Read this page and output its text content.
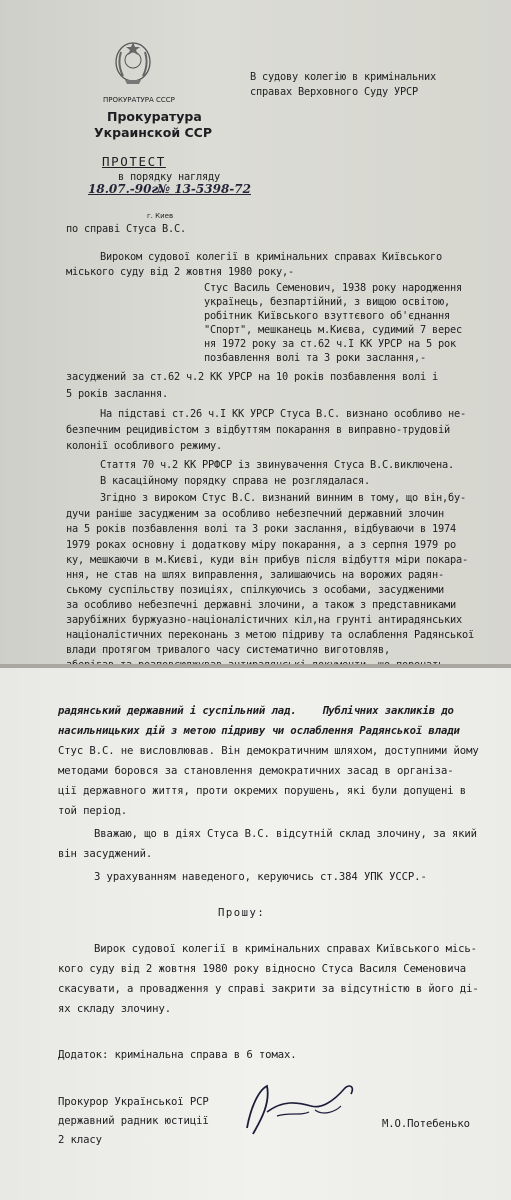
ПРОКУРАТУРА СССР
Прокуратура
Украинской ССР
ПРОТЕСТ
в порядку нагляду
18.07.-90г.
№ 13-5398-72
г. Киев
В судову колегію в кримінальних
справах Верховного Суду УРСР
по справі Стуса В.С.
Вироком судової колегії в кримінальних справах Київського
міського суду від 2 жовтня 1980 року,-
Стус Василь Семенович, 1938 року народження
українець, безпартійний, з вищою освітою,
робітник Київського взуттєвого об'єднання
"Спорт", мешканець м.Києва, судимий 7 верес
ня 1972 року за ст.62 ч.І КК УРСР на 5 рок
позбавлення волі та 3 роки заслання,-
засуджений за ст.62 ч.2 КК УРСР на 10 років позбавлення волі і
5 років заслання.
На підставі ст.26 ч.І КК УРСР Стуса В.С. визнано особливо не-
безпечним рецидивістом з відбуттям покарання в виправно-трудовій
колонії особливого режиму.
Стаття 70 ч.2 КК РРФСР із звинувачення Стуса В.С.виключена.
В касаційному порядку справа не розглядалася.
Згідно з вироком Стус В.С. визнаний винним в тому, що він,бу-
дучи раніше засудженим за особливо небезпечний державний злочин
на 5 років позбавлення волі та 3 роки заслання, відбуваючи в 1974
1979 роках основну і додаткову міру покарання, а з серпня 1979 ро
ку, мешкаючи в м.Києві, куди він прибув після відбуття міри покара-
ння, не став на шлях виправлення, залишаючись на ворожих радян-
ському суспільству позиціях, спілкуючись з особами, засудженими
за особливо небезпечні державні злочини, а також з представниками
зарубіжних буржуазно-націоналістичних кіл,на грунті антирадянських
націоналістичних переконань з метою підриву та ослаблення Радянської
влади протягом тривалого часу систематично виготовляв,
радянський державний і суспільний лад. Публічних закликів до
насильницьких дій з метою підриву чи ослаблення Радянської влади
Стус В.С. не висловлював. Він демократичним шляхом, доступними йому
методами боровся за становлення демократичних засад в організа-
ції державного життя, проти окремих порушень, які були допущені в
той період.
Вважаю, що в діях Стуса В.С. відсутній склад злочину, за який
він засуджений.
З урахуванням наведеного, керуючись ст.384 УПК УССР.-
Прошу:
Вирок судової колегії в кримінальних справах Київського місь-
кого суду від 2 жовтня 1980 року відносно Стуса Василя Семеновича
скасувати, а провадження у справі закрити за відсутністю в його ді-
ях складу злочину.
Додаток: кримінальна справа в 6 томах.
Прокурор Української РСР
державний радник юстиції
2 класу
М.О.Потебенько
